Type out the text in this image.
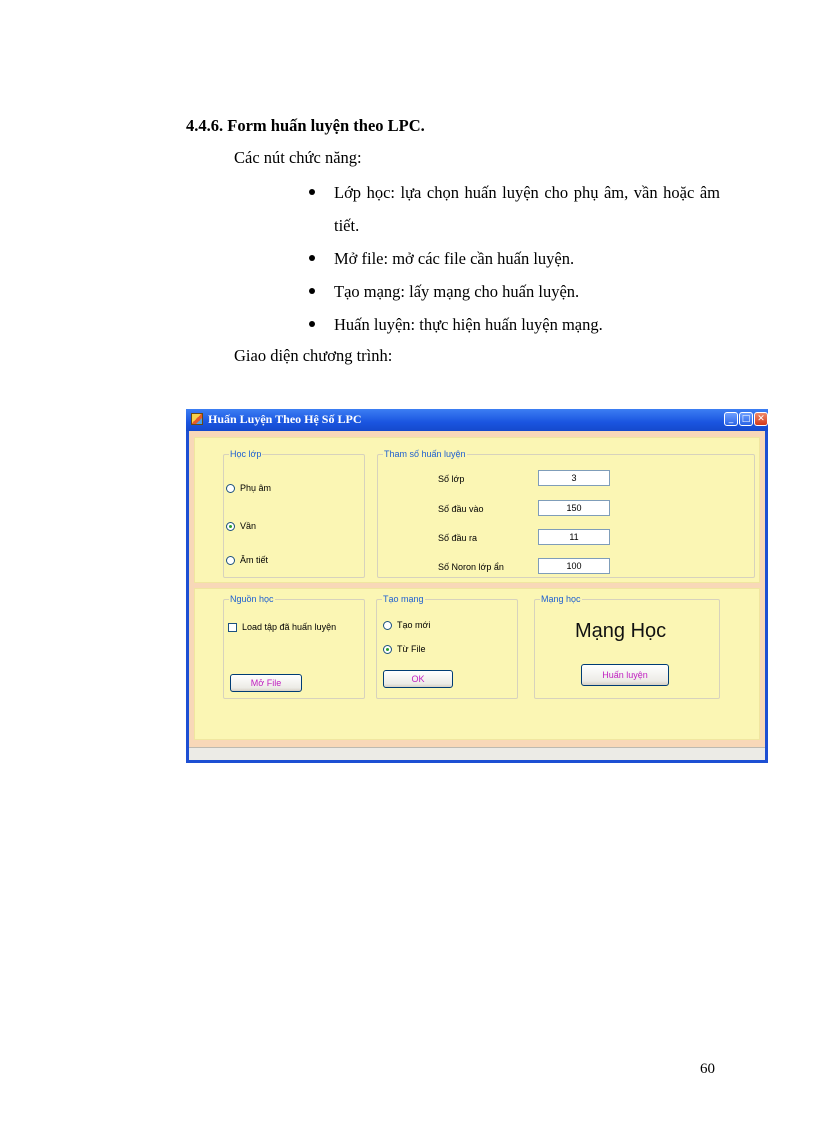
4.4.6. Form huấn luyện theo LPC.
Các nút chức năng:
Lớp học: lựa chọn huấn luyện cho phụ âm, vần hoặc âm tiết.
Mở file: mở các file cần huấn luyện.
Tạo mạng: lấy mạng cho huấn luyện.
Huấn luyện: thực hiện huấn luyện mạng.
Giao diện chương trình:
Huấn Luyện Theo Hệ Số LPC	_ □ ✕
Học lớp
Phụ âm
Vần
Âm tiết
Tham số huấn luyện
Số lớp	3
Số đầu vào	150
Số đầu ra	11
Số Noron lớp ẩn	100
Nguồn học
Load tập đã huấn luyện
Mở File
Tạo mạng
Tạo mới
Từ File
OK
Mạng học
Mạng Học
Huấn luyện
60
